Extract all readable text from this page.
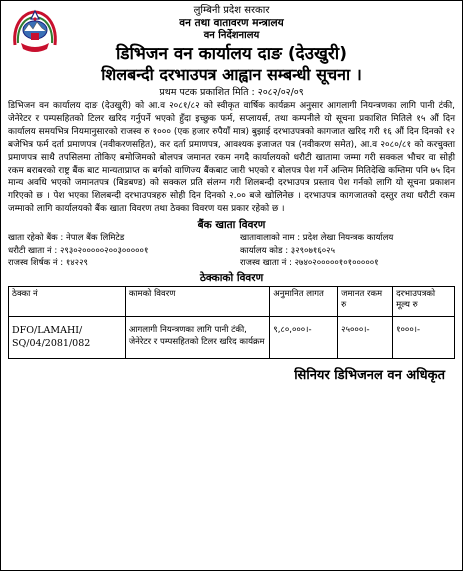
लुम्बिनी प्रदेश सरकार
वन तथा वातावरण मन्त्रालय
वन निर्देशनालय
डिभिजन वन कार्यालय दाङ (देउखुरी)
शिलबन्दी दरभाउपत्र आह्वान सम्बन्धी सूचना ।
प्रथम पटक प्रकाशित मिति : २०८२/०२/०९

डिभिजन वन कार्यालय दाङ (देउखुरी) को आ.व २०८१/८२ को स्वीकृत वार्षिक कार्यक्रम अनुसार आगलागी नियन्त्रणका लागि पानी टंकी, जेनेरेटर र पम्पसहितको टिलर खरिद गर्नुपर्ने भएको हुँदा इच्छुक फर्म, सप्लायर्स, तथा कम्पनीले यो सूचना प्रकाशित मितिले १५ औं दिन कार्यालय समयभित्र नियमानुसारको राजस्व रु १००० (एक हजार रुपैयाँ मात्र) बुझाई दरभाउपत्रको कागजात खरिद गरी १६ औं दिन दिनको १२ बजेभित्र फर्म दर्ता प्रमाणपत्र (नवीकरणसहित), कर दर्ता प्रमाणपत्र, आवश्यक इजाजत पत्र (नवीकरण समेत), आ.व २०८०/८१ को करचुक्ता प्रमाणपत्र साथै तपसिलमा तोकिए बमोजिमको बोलपत्र जमानत रकम नगदै कार्यालयको धरौटी खातामा जम्मा गरी सक्कल भौचर वा सोही रकम बराबरको राष्ट्र बैंक बाट मान्यताप्राप्त क बर्गको वाणिज्य बैंकबाट जारी भएको र बोलपत्र पेश गर्ने अन्तिम मितिदेखि कम्तिमा पनि ७५ दिन मान्य अवधि भएको जमानतपत्र (बिडबण्ड) को सक्कल प्रति संलग्न गरी शिलबन्दी दरभाउपत्र प्रस्ताव पेश गर्नको लागि यो सूचना प्रकाशन गरिएको छ । पेश भएका शिलबन्दी दरभाउपत्रहरु सोही दिन दिनको २.०० बजे खोलिनेछ । दरभाउपत्र कागजातको दस्तुर तथा धरौटी रकम जम्माको लागि कार्यालयको बैंक खाता विवरण तथा ठेक्का विवरण यस प्रकार रहेको छ ।

बैंक खाता विवरण
खाता रहेको बैंक : नेपाल बैंक लिमिटेड	खातावालाको नाम : प्रदेश लेखा नियन्त्रक कार्यालय
धरौटी खाता नं : २९३०२०००००२००३०००००१	कार्यालय कोड : ३२९०७१६०२५
राजस्व शिर्षक नं : १४२२९	राजस्व खाता नं : २७४०२०००००१०१०००००१
ठेक्काको विवरण
ठेक्का नं	कामको विवरण	अनुमानित लागत	जमानत रकम रु	दरभाउपत्रको मूल्य रु
DFO/LAMAHI/ SQ/04/2081/082	आगलागी नियन्त्रणका लागि पानी टंकी, जेनेरेटर र पम्पसहितको टिलर खरिद कार्यक्रम	९,८०,०००।-	२५०००।-	१०००।-
सिनियर डिभिजनल वन अधिकृत
